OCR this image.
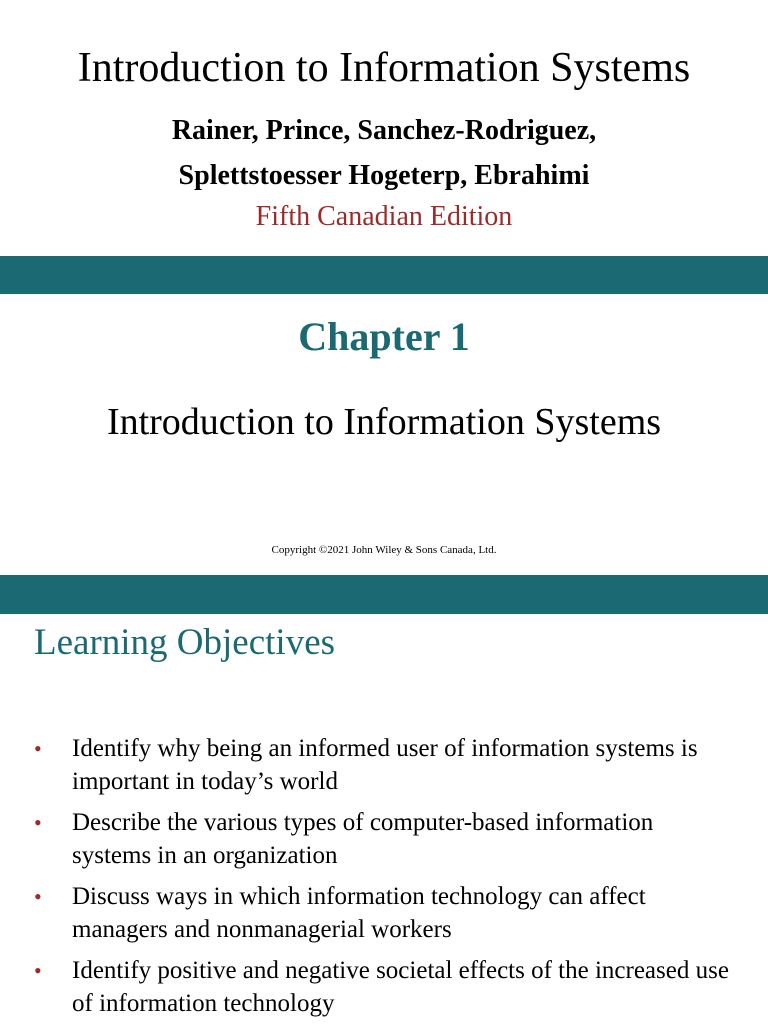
Introduction to Information Systems
Rainer, Prince, Sanchez-Rodriguez,
Splettstoesser Hogeterp, Ebrahimi
Fifth Canadian Edition
Chapter 1
Introduction to Information Systems
Copyright ©2021 John Wiley & Sons Canada, Ltd.
Learning Objectives
• Identify why being an informed user of information systems is important in today’s world
• Describe the various types of computer-based information systems in an organization
• Discuss ways in which information technology can affect managers and nonmanagerial workers
• Identify positive and negative societal effects of the increased use of information technology
